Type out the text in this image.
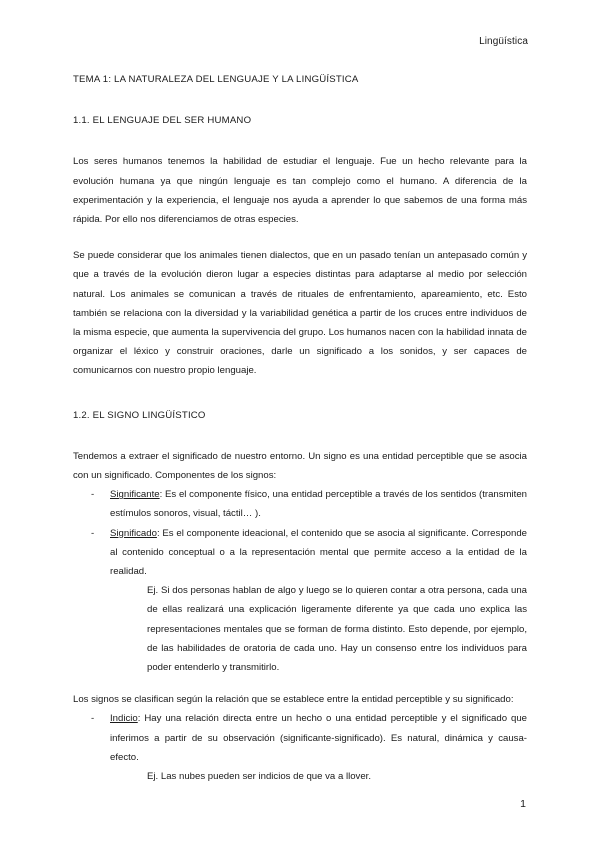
Lingüística
TEMA 1: LA NATURALEZA DEL LENGUAJE Y LA LINGÜÍSTICA
1.1. EL LENGUAJE DEL SER HUMANO

Los seres humanos tenemos la habilidad de estudiar el lenguaje. Fue un hecho relevante para la evolución humana ya que ningún lenguaje es tan complejo como el humano. A diferencia de la experimentación y la experiencia, el lenguaje nos ayuda a aprender lo que sabemos de una forma más rápida. Por ello nos diferenciamos de otras especies.

Se puede considerar que los animales tienen dialectos, que en un pasado tenían un antepasado común y que a través de la evolución dieron lugar a especies distintas para adaptarse al medio por selección natural. Los animales se comunican a través de rituales de enfrentamiento, apareamiento, etc. Esto también se relaciona con la diversidad y la variabilidad genética a partir de los cruces entre individuos de la misma especie, que aumenta la supervivencia del grupo. Los humanos nacen con la habilidad innata de organizar el léxico y construir oraciones, darle un significado a los sonidos, y ser capaces de comunicarnos con nuestro propio lenguaje.

1.2. EL SIGNO LINGÜÍSTICO

Tendemos a extraer el significado de nuestro entorno. Un signo es una entidad perceptible que se asocia con un significado. Componentes de los signos:

- Significante: Es el componente físico, una entidad perceptible a través de los sentidos (transmiten estímulos sonoros, visual, táctil… ).
- Significado: Es el componente ideacional, el contenido que se asocia al significante. Corresponde al contenido conceptual o a la representación mental que permite acceso a la entidad de la realidad.

Ej. Si dos personas hablan de algo y luego se lo quieren contar a otra persona, cada una de ellas realizará una explicación ligeramente diferente ya que cada uno explica las representaciones mentales que se forman de forma distinto. Esto depende, por ejemplo, de las habilidades de oratoria de cada uno. Hay un consenso entre los individuos para poder entenderlo y transmitirlo.

Los signos se clasifican según la relación que se establece entre la entidad perceptible y su significado:

- Indicio: Hay una relación directa entre un hecho o una entidad perceptible y el significado que inferimos a partir de su observación (significante-significado). Es natural, dinámica y causa-efecto.

Ej. Las nubes pueden ser indicios de que va a llover.

1
